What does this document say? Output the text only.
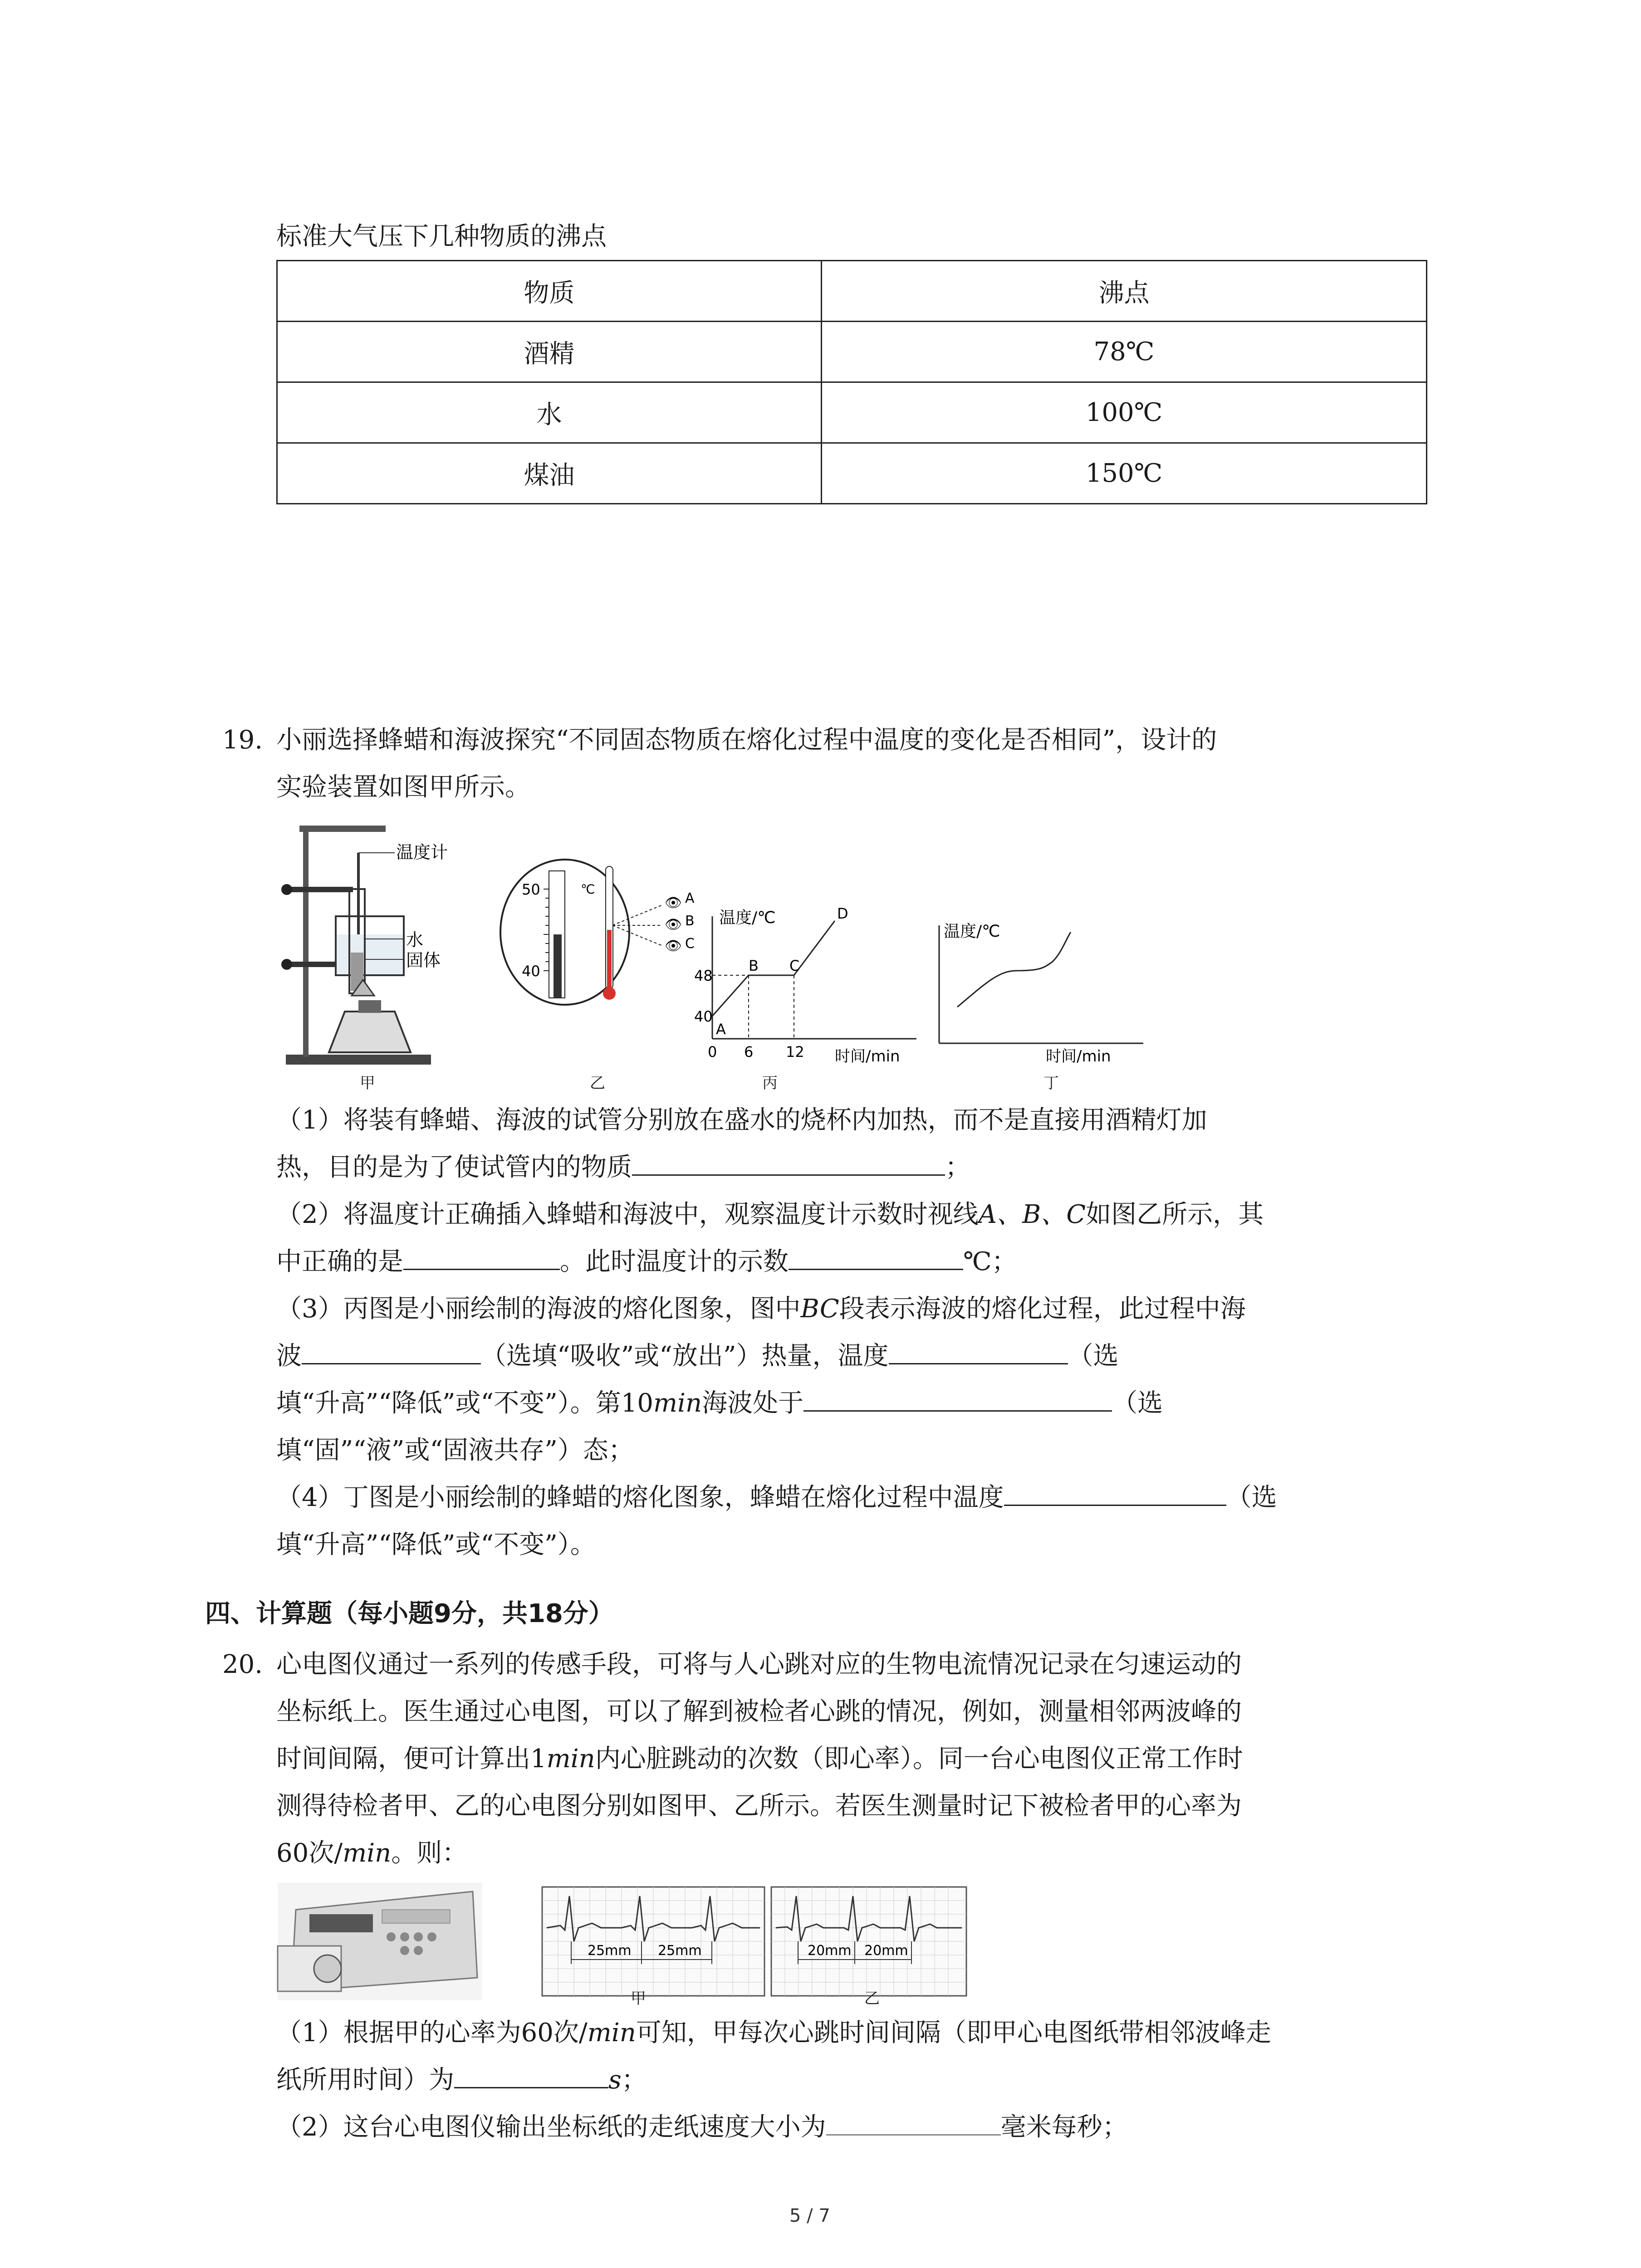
标准大气压下几种物质的沸点
物质	沸点
酒精	78℃
水	100℃
煤油	150℃
19. 小丽选择蜂蜡和海波探究“不同固态物质在熔化过程中温度的变化是否相同”，设计的
实验装置如图甲所示。
温度计
水
固体
甲
50
40
℃
👁
👁
👁
A
B
C
乙
温度/℃
时间/min
48
40
0 6 12
A
B C
D
丙
温度/℃
时间/min
丁
（1）将装有蜂蜡、海波的试管分别放在盛水的烧杯内加热，而不是直接用酒精灯加
热，目的是为了使试管内的物质	；
（2）将温度计正确插入蜂蜡和海波中，观察温度计示数时视线A、B、C如图乙所示，其
中正确的是	。此时温度计的示数	℃；
（3）丙图是小丽绘制的海波的熔化图象，图中BC段表示海波的熔化过程，此过程中海
波	（选填“吸收”或“放出”）热量，温度	（选
填“升高”“降低”或“不变”）。第10min海波处于	（选
填“固”“液”或“固液共存”）态；
（4）丁图是小丽绘制的蜂蜡的熔化图象，蜂蜡在熔化过程中温度	（选
填“升高”“降低”或“不变”）。
四、计算题（每小题9分，共18分）
20. 心电图仪通过一系列的传感手段，可将与人心跳对应的生物电流情况记录在匀速运动的
坐标纸上。医生通过心电图，可以了解到被检者心跳的情况，例如，测量相邻两波峰的
时间间隔，便可计算出1min内心脏跳动的次数（即心率）。同一台心电图仪正常工作时
测得待检者甲、乙的心电图分别如图甲、乙所示。若医生测量时记下被检者甲的心率为
60次/min。则：
25mm 25mm
甲
20mm 20mm
乙
（1）根据甲的心率为60次/min可知，甲每次心跳时间间隔（即甲心电图纸带相邻波峰走
纸所用时间）为	s；
（2）这台心电图仪输出坐标纸的走纸速度大小为	毫米每秒；
5 / 7
